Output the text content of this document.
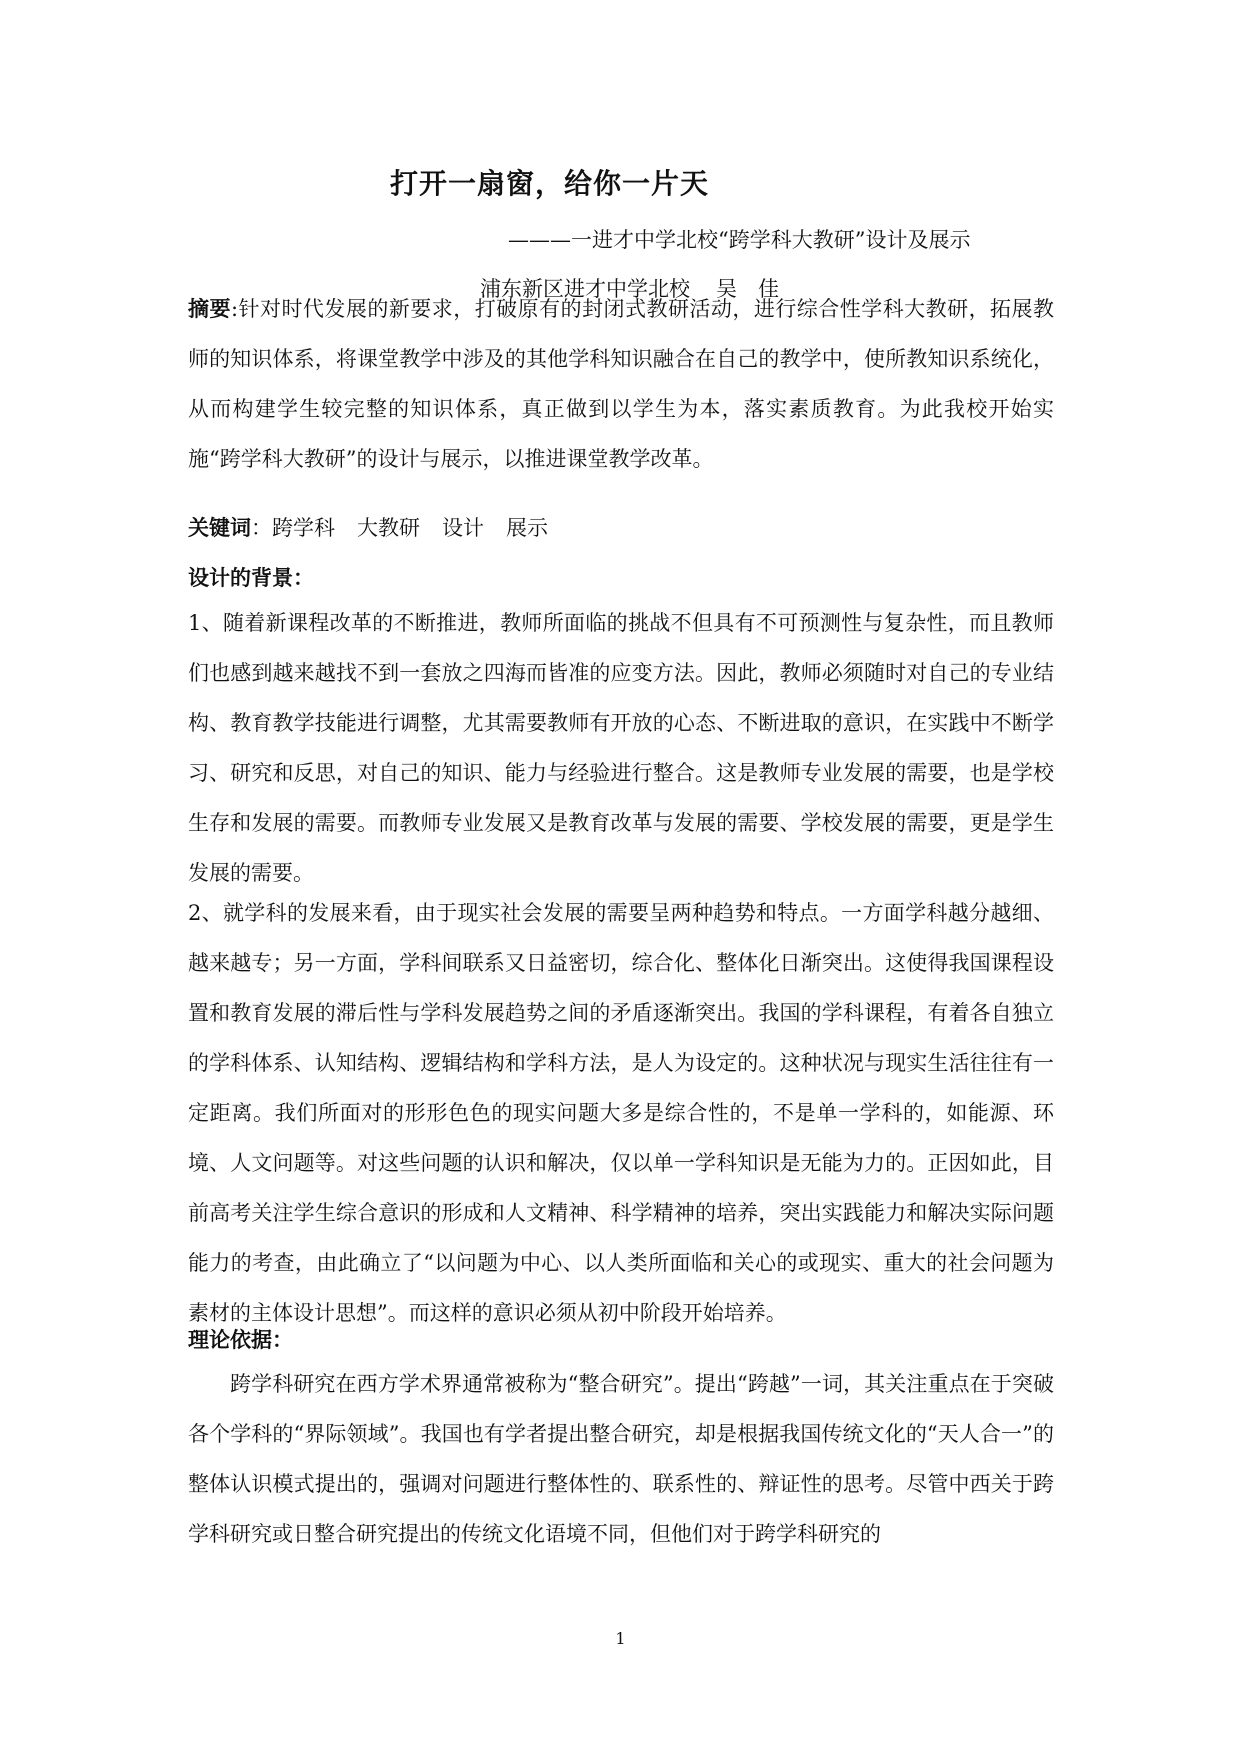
打开一扇窗，给你一片天
———一进才中学北校“跨学科大教研”设计及展示
浦东新区进才中学北校 吴　佳
摘要:针对时代发展的新要求，打破原有的封闭式教研活动，进行综合性学科大教研，拓展教师的知识体系，将课堂教学中涉及的其他学科知识融合在自己的教学中，使所教知识系统化，从而构建学生较完整的知识体系，真正做到以学生为本，落实素质教育。为此我校开始实施“跨学科大教研”的设计与展示，以推进课堂教学改革。
关键词：跨学科 大教研 设计 展示
设计的背景：
1、随着新课程改革的不断推进，教师所面临的挑战不但具有不可预测性与复杂性，而且教师们也感到越来越找不到一套放之四海而皆准的应变方法。因此，教师必须随时对自己的专业结构、教育教学技能进行调整，尤其需要教师有开放的心态、不断进取的意识，在实践中不断学习、研究和反思，对自己的知识、能力与经验进行整合。这是教师专业发展的需要，也是学校生存和发展的需要。而教师专业发展又是教育改革与发展的需要、学校发展的需要，更是学生发展的需要。
2、就学科的发展来看，由于现实社会发展的需要呈两种趋势和特点。一方面学科越分越细、越来越专；另一方面，学科间联系又日益密切，综合化、整体化日渐突出。这使得我国课程设置和教育发展的滞后性与学科发展趋势之间的矛盾逐渐突出。我国的学科课程，有着各自独立的学科体系、认知结构、逻辑结构和学科方法，是人为设定的。这种状况与现实生活往往有一定距离。我们所面对的形形色色的现实问题大多是综合性的，不是单一学科的，如能源、环境、人文问题等。对这些问题的认识和解决，仅以单一学科知识是无能为力的。正因如此，目前高考关注学生综合意识的形成和人文精神、科学精神的培养，突出实践能力和解决实际问题能力的考查，由此确立了“以问题为中心、以人类所面临和关心的或现实、重大的社会问题为素材的主体设计思想”。而这样的意识必须从初中阶段开始培养。
理论依据：
跨学科研究在西方学术界通常被称为“整合研究”。提出“跨越”一词，其关注重点在于突破各个学科的“界际领域”。我国也有学者提出整合研究，却是根据我国传统文化的“天人合一”的整体认识模式提出的，强调对问题进行整体性的、联系性的、辩证性的思考。尽管中西关于跨学科研究或日整合研究提出的传统文化语境不同，但他们对于跨学科研究的
1
